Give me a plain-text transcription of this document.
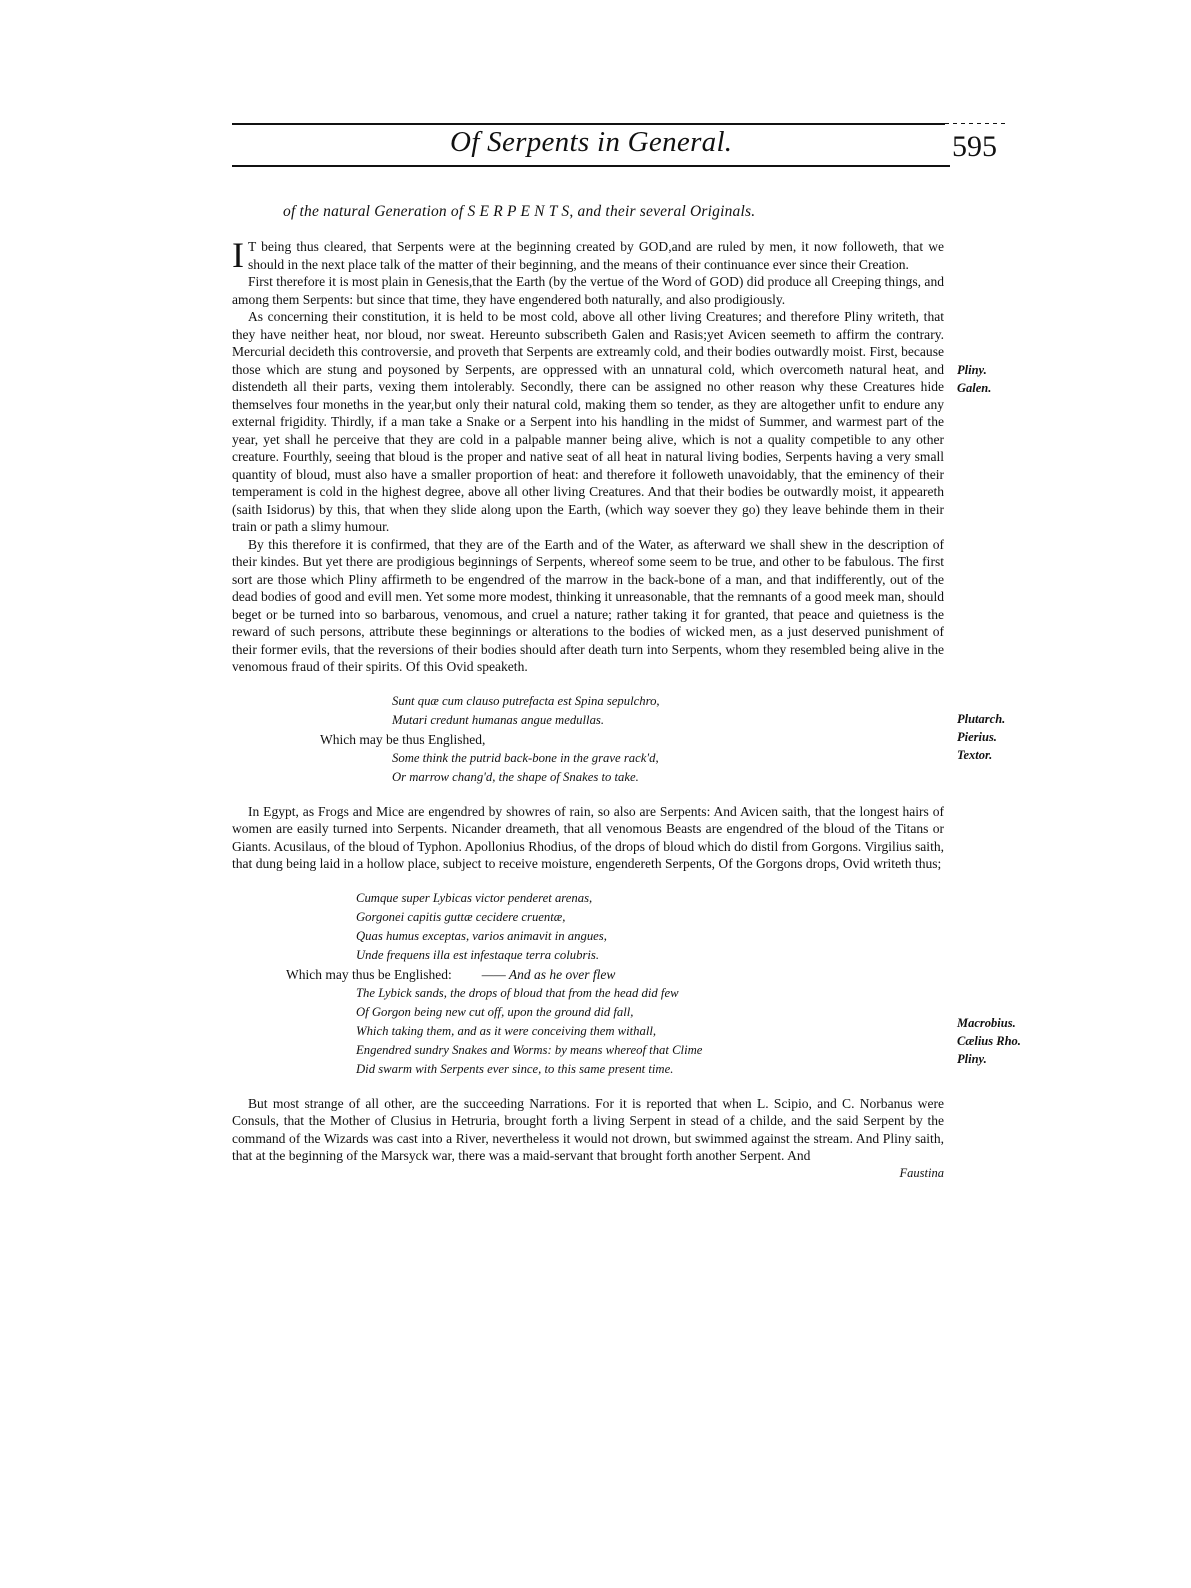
Of Serpents in General.	595
of the natural Generation of S E R P E N T S, and their several Originals.

I T being thus cleared, that Serpents were at the beginning created by GOD,and are ruled by men, it now followeth, that we should in the next place talk of the matter of their beginning, and the means of their continuance ever since their Creation.

First therefore it is most plain in Genesis,that the Earth (by the vertue of the Word of GOD) did produce all Creeping things, and among them Serpents: but since that time, they have engendered both naturally, and also prodigiously.

As concerning their constitution, it is held to be most cold, above all other living Creatures; and therefore Pliny writeth, that they have neither heat, nor bloud, nor sweat. Hereunto subscribeth Galen and Rasis;yet Avicen seemeth to affirm the contrary. Mercurial decideth this controversie, and proveth that Serpents are extreamly cold, and their bodies outwardly moist. First, because those which are stung and poysoned by Serpents, are oppressed with an unnatural cold, which overcometh natural heat, and distendeth all their parts, vexing them intolerably. Secondly, there can be assigned no other reason why these Creatures hide themselves four moneths in the year,but only their natural cold, making them so tender, as they are altogether unfit to endure any external frigidity. Thirdly, if a man take a Snake or a Serpent into his handling in the midst of Summer, and warmest part of the year, yet shall he perceive that they are cold in a palpable manner being alive, which is not a quality competible to any other creature. Fourthly, seeing that bloud is the proper and native seat of all heat in natural living bodies, Serpents having a very small quantity of bloud, must also have a smaller proportion of heat: and therefore it followeth unavoidably, that the eminency of their temperament is cold in the highest degree, above all other living Creatures. And that their bodies be outwardly moist, it appeareth (saith Isidorus) by this, that when they slide along upon the Earth, (which way soever they go) they leave behinde them in their train or path a slimy humour.

By this therefore it is confirmed, that they are of the Earth and of the Water, as afterward we shall shew in the description of their kindes. But yet there are prodigious beginnings of Serpents, whereof some seem to be true, and other to be fabulous. The first sort are those which Pliny affirmeth to be engendred of the marrow in the back-bone of a man, and that indifferently, out of the dead bodies of good and evill men. Yet some more modest, thinking it unreasonable, that the remnants of a good meek man, should beget or be turned into so barbarous, venomous, and cruel a nature; rather taking it for granted, that peace and quietness is the reward of such persons, attribute these beginnings or alterations to the bodies of wicked men, as a just deserved punishment of their former evils, that the reversions of their bodies should after death turn into Serpents, whom they resembled being alive in the venomous fraud of their spirits. Of this Ovid speaketh.

Sunt quæ cum clauso putrefacta est Spina sepulchro,

Mutari credunt humanas angue medullas.

Which may be thus Englished,

Some think the putrid back-bone in the grave rack'd,

Or marrow chang'd, the shape of Snakes to take.

In Egypt, as Frogs and Mice are engendred by showres of rain, so also are Serpents: And Avicen saith, that the longest hairs of women are easily turned into Serpents. Nicander dreameth, that all venomous Beasts are engendred of the bloud of the Titans or Giants. Acusilaus, of the bloud of Typhon. Apollonius Rhodius, of the drops of bloud which do distil from Gorgons. Virgilius saith, that dung being laid in a hollow place, subject to receive moisture, engendereth Serpents, Of the Gorgons drops, Ovid writeth thus;

Cumque super Lybicas victor penderet arenas,

Gorgonei capitis guttæ cecidere cruentæ,

Quas humus exceptas, varios animavit in angues,

Unde frequens illa est infestaque terra colubris.

Which may thus be Englished: —— And as he over flew

The Lybick sands, the drops of bloud that from the head did few

Of Gorgon being new cut off, upon the ground did fall,

Which taking them, and as it were conceiving them withall,

Engendred sundry Snakes and Worms: by means whereof that Clime

Did swarm with Serpents ever since, to this same present time.

But most strange of all other, are the succeeding Narrations. For it is reported that when L. Scipio, and C. Norbanus were Consuls, that the Mother of Clusius in Hetruria, brought forth a living Serpent in stead of a childe, and the said Serpent by the command of the Wizards was cast into a River, nevertheless it would not drown, but swimmed against the stream. And Pliny saith, that at the beginning of the Marsyck war, there was a maid-servant that brought forth another Serpent. And

Faustina

Pliny.
Galen.
Plutarch.
Pierius.
Textor.
Macrobius.
Cælius Rho.
Pliny.
